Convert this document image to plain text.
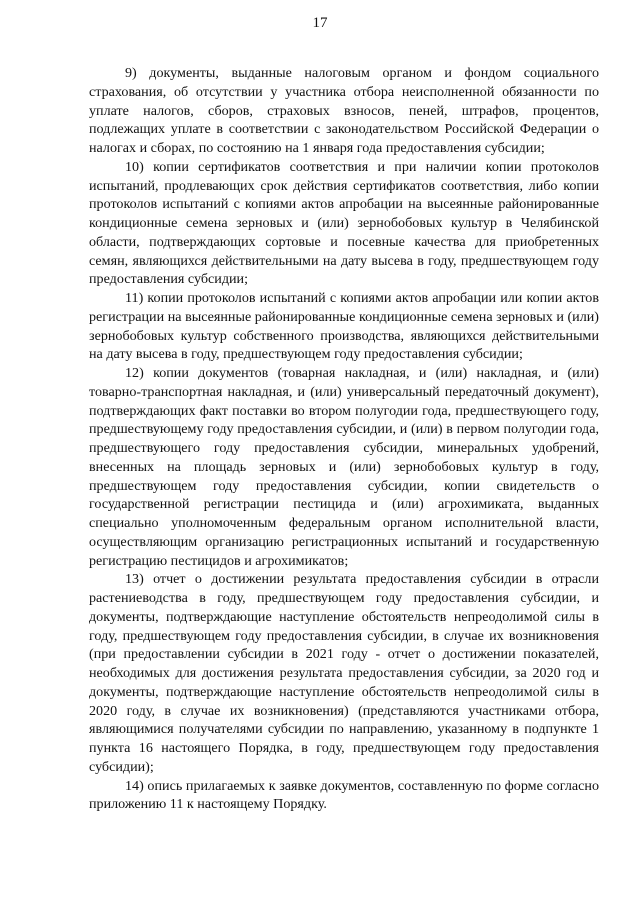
17

9) документы, выданные налоговым органом и фондом социального страхования, об отсутствии у участника отбора неисполненной обязанности по уплате налогов, сборов, страховых взносов, пеней, штрафов, процентов, подлежащих уплате в соответствии с законодательством Российской Федерации о налогах и сборах, по состоянию на 1 января года предоставления субсидии;

10) копии сертификатов соответствия и при наличии копии протоколов испытаний, продлевающих срок действия сертификатов соответствия, либо копии протоколов испытаний с копиями актов апробации на высеянные районированные кондиционные семена зерновых и (или) зернобобовых культур в Челябинской области, подтверждающих сортовые и посевные качества для приобретенных семян, являющихся действительными на дату высева в году, предшествующем году предоставления субсидии;

11) копии протоколов испытаний с копиями актов апробации или копии актов регистрации на высеянные районированные кондиционные семена зерновых и (или) зернобобовых культур собственного производства, являющихся действительными на дату высева в году, предшествующем году предоставления субсидии;

12) копии документов (товарная накладная, и (или) накладная, и (или) товарно-транспортная накладная, и (или) универсальный передаточный документ), подтверждающих факт поставки во втором полугодии года, предшествующего году, предшествующему году предоставления субсидии, и (или) в первом полугодии года, предшествующего году предоставления субсидии, минеральных удобрений, внесенных на площадь зерновых и (или) зернобобовых культур в году, предшествующем году предоставления субсидии, копии свидетельств о государственной регистрации пестицида и (или) агрохимиката, выданных специально уполномоченным федеральным органом исполнительной власти, осуществляющим организацию регистрационных испытаний и государственную регистрацию пестицидов и агрохимикатов;

13) отчет о достижении результата предоставления субсидии в отрасли растениеводства в году, предшествующем году предоставления субсидии, и документы, подтверждающие наступление обстоятельств непреодолимой силы в году, предшествующем году предоставления субсидии, в случае их возникновения (при предоставлении субсидии в 2021 году - отчет о достижении показателей, необходимых для достижения результата предоставления субсидии, за 2020 год и документы, подтверждающие наступление обстоятельств непреодолимой силы в 2020 году, в случае их возникновения) (представляются участниками отбора, являющимися получателями субсидии по направлению, указанному в подпункте 1 пункта 16 настоящего Порядка, в году, предшествующем году предоставления субсидии);

14) опись прилагаемых к заявке документов, составленную по форме согласно приложению 11 к настоящему Порядку.
